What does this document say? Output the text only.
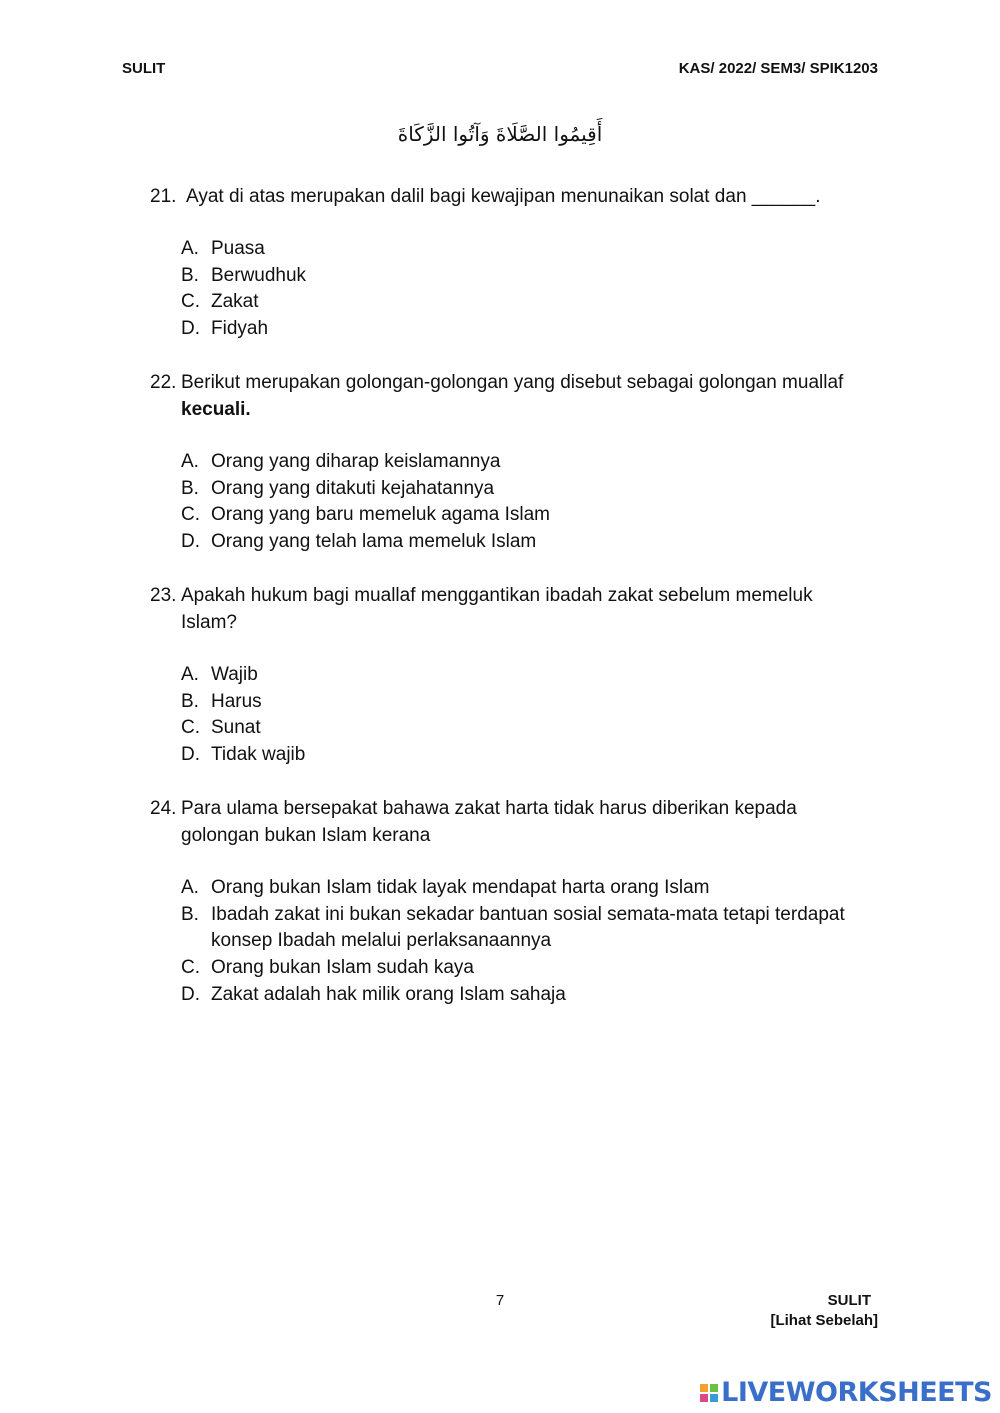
SULIT	KAS/ 2022/ SEM3/ SPIK1203
أَقِيمُوا الصَّلَاةَ وَآتُوا الزَّكَاةَ
21. Ayat di atas merupakan dalil bagi kewajipan menunaikan solat dan ______.
A. Puasa
B. Berwudhuk
C. Zakat
D. Fidyah
22. Berikut merupakan golongan-golongan yang disebut sebagai golongan muallaf kecuali.
A. Orang yang diharap keislamannya
B. Orang yang ditakuti kejahatannya
C. Orang yang baru memeluk agama Islam
D. Orang yang telah lama memeluk Islam
23. Apakah hukum bagi muallaf menggantikan ibadah zakat sebelum memeluk Islam?
A. Wajib
B. Harus
C. Sunat
D. Tidak wajib
24. Para ulama bersepakat bahawa zakat harta tidak harus diberikan kepada golongan bukan Islam kerana
A. Orang bukan Islam tidak layak mendapat harta orang Islam
B. Ibadah zakat ini bukan sekadar bantuan sosial semata-mata tetapi terdapat konsep Ibadah melalui perlaksanaannya
C. Orang bukan Islam sudah kaya
D. Zakat adalah hak milik orang Islam sahaja
7	SULIT
[Lihat Sebelah]
LIVEWORKSHEETS
